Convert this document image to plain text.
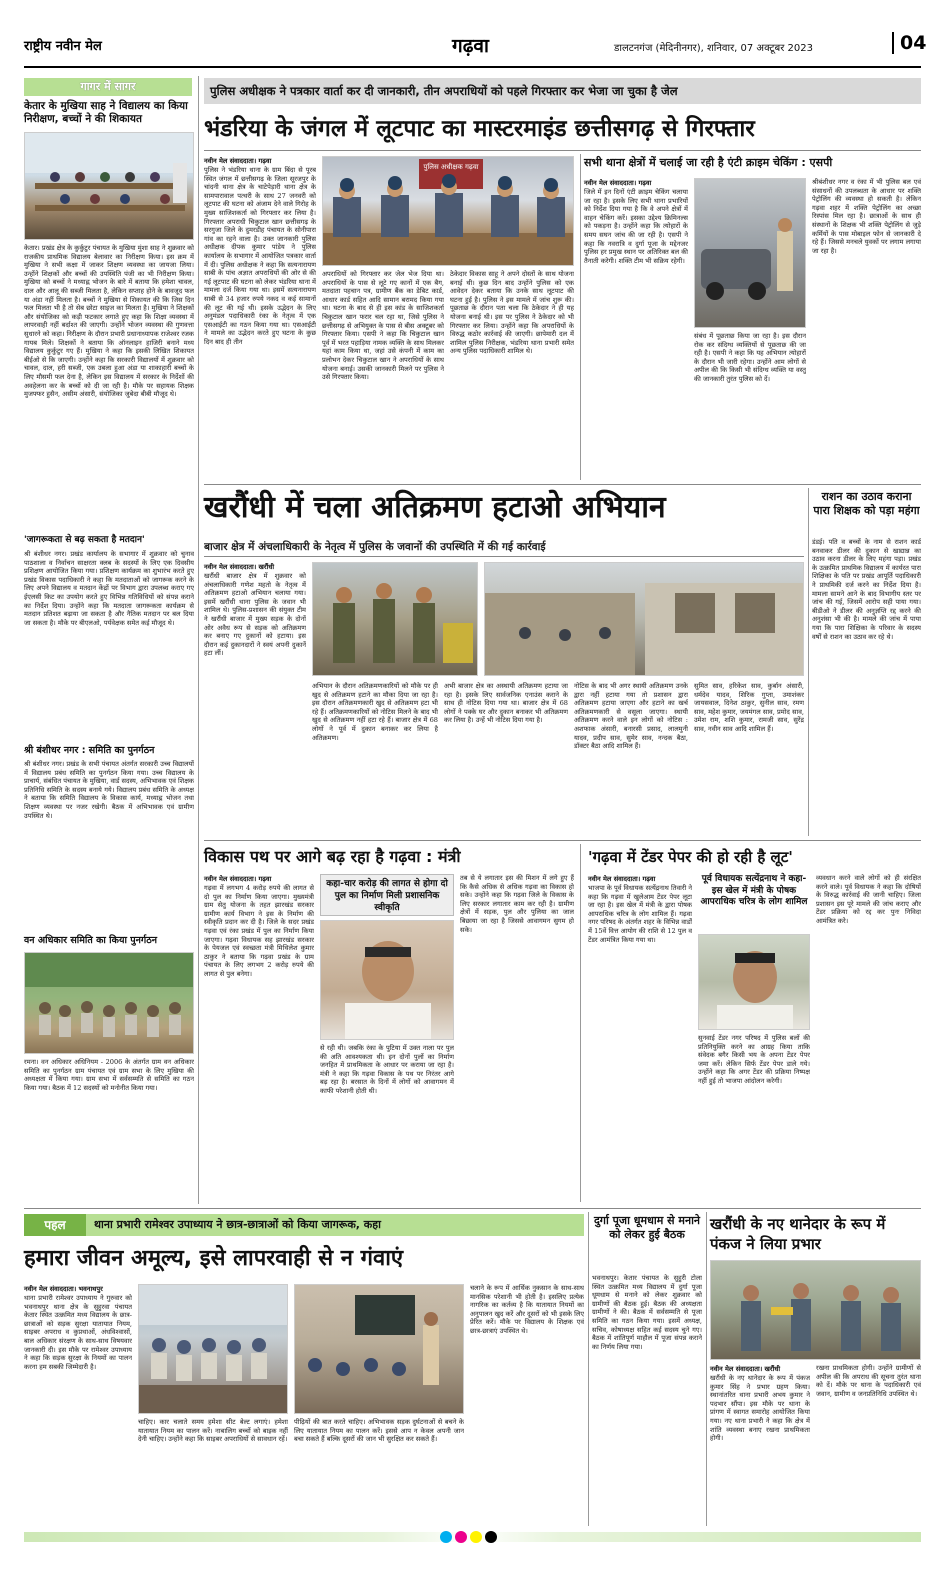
राष्ट्रीय नवीन मेल	गढ़वा	डालटनगंज (मेदिनीनगर), शनिवार, 07 अक्टूबर 2023	04
गागर में सागर
केतार के मुखिया साह ने विद्यालय का किया निरीक्षण, बच्चों ने की शिकायत
केतार। प्रखंड क्षेत्र के कुर्कुटुर पंचायत के मुखिया मुंशा साह ने शुक्रवार को राजकीय प्राथमिक विद्यालय बेलावार का निरीक्षण किया। इस क्रम में मुखिया ने सभी कक्षा में जाकर शिक्षण व्यवस्था का जायजा लिया। उन्होंने शिक्षकों और बच्चों की उपस्थिति पंजी का भी निरीक्षण किया। मुखिया को बच्चों ने मध्याह्न भोजन के बारे में बताया कि हमेशा चावल, दाल और आलू की सब्जी मिलता है, लेकिन सप्ताह होने के बावजूद फल या अंडा नहीं मिलता है। बच्चों ने मुखिया से शिकायत की कि जिस दिन फल मिलता भी है तो सेब छोटा साइज का मिलता है। मुखिया ने शिक्षकों और संयोजिका को कड़ी फटकार लगाते हुए कहा कि शिक्षा व्यवस्था में लापरवाही नहीं बर्दाश्त की जाएगी। उन्होंने भोजन व्यवस्था की गुणवत्ता सुधारने को कहा। निरीक्षण के दौरान प्रभारी प्रधानाध्यापक राजेश्वर रजक गायब मिले। शिक्षकों ने बताया कि ऑनलाइन हाजिरी बनाने मध्य विद्यालय कुर्कुटुर गए हैं। मुखिया ने कहा कि इसकी लिखित शिकायत बीईओ से कि जाएगी। उन्होंने कहा कि सरकारी विद्यालयों में शुक्रवार को चावल, दाल, हरी सब्जी, एक उबला हुआ अंडा या शाकाहारी बच्चों के लिए मौसमी फल देना है, लेकिन इस विद्यालय में सरकार के निर्देशों की अवहेलना कर के बच्चों को दी जा रही है। मौके पर सहायक शिक्षक मुजफ्फर हुसैन, असीम अंसारी, संयोजिका जुबेदा बीबी मौजूद थे।
'जागरूकता से बढ़ सकता है मतदान'
श्री बंशीधर नगर। प्रखंड कार्यालय के सभागार में शुक्रवार को चुनाव पाठशाला व निर्वाचन साक्षरता क्लब के सदस्यों के लिए एक दिवसीय प्रशिक्षण आयोजित किया गया। प्रशिक्षण कार्यक्रम का शुभारंभ करते हुए प्रखंड विकास पदाधिकारी ने कहा कि मतदाताओं को जागरूक करने के लिए अपने विद्यालय व मतदान केंद्रों पर विभाग द्वारा उपलब्ध कराए गए ईएलसी किट का उपयोग करते हुए विभिन्न गतिविधियों को संपन्न कराने का निर्देश दिया। उन्होंने कहा कि मतदाता जागरूकता कार्यक्रम से मतदान प्रतिशत बढ़ाया जा सकता है और नैतिक मतदान पर बल दिया जा सकता है। मौके पर बीएलओ, पर्यवेक्षक समेत कई मौजूद थे।
श्री बंशीधर नगर : समिति का पुनर्गठन
श्री बंशीधर नगर। प्रखंड के सभी पंचायत अंतर्गत सरकारी उच्च विद्यालयों में विद्यालय प्रबंध समिति का पुनर्गठन किया गया। उच्च विद्यालय के प्राचार्य, संबंधित पंचायत के मुखिया, वार्ड सदस्य, अभिभावक एवं शिक्षक प्रतिनिधि समिति के सदस्य बनाये गये। विद्यालय प्रबंध समिति के अध्यक्ष ने बताया कि समिति विद्यालय के विकास कार्य, मध्याह्न भोजन तथा शिक्षण व्यवस्था पर नजर रखेगी। बैठक में अभिभावक एवं ग्रामीण उपस्थित थे।
वन अधिकार समिति का किया पुनर्गठन
रमना। वन अधिकार अधिनियम - 2006 के अंतर्गत ग्राम वन अधिकार समिति का पुनर्गठन ग्राम पंचायत एवं ग्राम सभा के लिए मुखिया की अध्यक्षता में किया गया। ग्राम सभा में सर्वसम्मति से समिति का गठन किया गया। बैठक में 12 सदस्यों को मनोनीत किया गया।
पुलिस अधीक्षक ने पत्रकार वार्ता कर दी जानकारी, तीन अपराधियों को पहले गिरफ्तार कर भेजा जा चुका है जेल
भंडरिया के जंगल में लूटपाट का मास्टरमाइंड छत्तीसगढ़ से गिरफ्तार
नवीन मेल संवाददाता। गढ़वा
पुलिस ने भंडरिया थाना के ग्राम बिंदा से पूरब स्थित जंगल में छत्तीसगढ़ के जिला सूरजपुर के चांदनी थाना क्षेत्र के चाटेपेड़ारी थाना क्षेत्र के सामपारावाल पत्थरी के साथ 27 जनवरी को लूटपाट की घटना को अंजाम देने वाले गिरोह के मुख्य साजिशकर्ता को गिरफ्तार कर लिया है। गिरफ्तार अपराधी चिकुटाल खान छत्तीसगढ़ के सरगुजा जिले के दुमरडीह पंचायत के सोनीपारा गांव का रहने वाला है। उक्त जानकारी पुलिस अधीक्षक दीपक कुमार पांडेय ने पुलिस कार्यालय के सभागार में आयोजित पत्रकार वार्ता में दी। पुलिस अधीक्षक ने कहा कि सत्यनारायण साबी के पांच अज्ञात अपराधियों की ओर से की गई लूटपाट की घटना को लेकर भंडरिया थाना में मामला दर्ज किया गया था। इसमें सत्यनारायण साबी से 34 हजार रुपये नकद व कई सामानों की लूट की गई थी। इसके उद्भेदन के लिए अनुमंडल पदाधिकारी रंका के नेतृत्व में एक एसआईटी का गठन किया गया था। एसआईटी ने मामले का उद्भेदन करते हुए घटना के कुछ दिन बाद ही तीन
पुलिस अधीक्षक गढ़वा
अपराधियों को गिरफ्तार कर जेल भेज दिया था। अपराधियों के पास से लूटे गए कानों में एक बैग, मतदाता पहचान पत्र, ग्रामीण बैंक का डेबिट कार्ड, आधार कार्ड सहित आदि सामान बरामद किया गया था। घटना के बाद से ही इस कांड के साजिशकर्ता चिकुटाल खान फरार चल रहा था, जिसे पुलिस ने छत्तीसगढ़ से अभियुक्त के पास से बीस अक्टूबर को गिरफ्तार किया। एसपी ने कहा कि चिकुटाल खान पूर्व में भरत पहाड़िया नामक व्यक्ति के साथ मिलकर यहां काम किया था, जहां उसे कंपनी में काम का प्रलोभन देकर चिकुटाल खान ने अपराधियों के साथ योजना बनाई। उसकी जानकारी मिलने पर पुलिस ने उसे गिरफ्तार किया।
ठेकेदार विकास साहू ने अपने दोस्तों के साथ योजना बनाई थी। कुछ दिन बाद उन्होंने पुलिस को एक आवेदन देकर बताया कि उनके साथ लूटपाट की घटना हुई है। पुलिस ने इस मामले में जांच शुरू की। पूछताछ के दौरान पता चला कि ठेकेदार ने ही यह योजना बनाई थी। इस पर पुलिस ने ठेकेदार को भी गिरफ्तार कर लिया। उन्होंने कहा कि अपराधियों के विरुद्ध कठोर कार्रवाई की जाएगी। छापेमारी दल में शामिल पुलिस निरीक्षक, भंडरिया थाना प्रभारी समेत अन्य पुलिस पदाधिकारी शामिल थे।
सभी थाना क्षेत्रों में चलाई जा रही है एंटी क्राइम चेकिंग : एसपी
नवीन मेल संवाददाता। गढ़वा
जिले में इन दिनों एंटी क्राइम चेकिंग चलाया जा रहा है। इसके लिए सभी थाना प्रभारियों को निर्देश दिया गया है कि वे अपने क्षेत्रों में वाहन चेकिंग करें। इसका उद्देश्य क्रिमिनल्स को पकड़ना है। उन्होंने कहा कि त्योहारों के समय सघन जांच की जा रही है। एसपी ने कहा कि नवरात्रि व दुर्गा पूजा के मद्देनजर पुलिस हर प्रमुख स्थान पर अतिरिक्त बल की तैनाती करेगी। शक्ति टीम भी सक्रिय रहेगी।
संबंध में पूछताछ किया जा रहा है। इस दौरान रोक कर संदिग्ध व्यक्तियों से पूछताछ की जा रही है। एसपी ने कहा कि यह अभियान त्योहारों के दौरान भी जारी रहेगा। उन्होंने आम लोगों से अपील की कि किसी भी संदिग्ध व्यक्ति या वस्तु की जानकारी तुरंत पुलिस को दें।
श्रीबंशीधर नगर व रंका में भी पुलिस बल एवं संसाधनों की उपलब्धता के आधार पर शक्ति पेट्रोलिंग की व्यवस्था हो सकती है। लेकिन गढ़वा शहर में शक्ति पेट्रोलिंग का अच्छा रिस्पांस मिल रहा है। छात्राओं के साथ ही संस्थानों के शिक्षक भी शक्ति पेट्रोलिंग से जुड़े कर्मियों के पास मोबाइल फोन से जानकारी दे रहे हैं। जिससे मनचले युवकों पर लगाम लगाया जा रहा है।
खरौंधी में चला अतिक्रमण हटाओ अभियान
बाजार क्षेत्र में अंचलाधिकारी के नेतृत्व में पुलिस के जवानों की उपस्थिति में की गई कार्रवाई
नवीन मेल संवाददाता। खरौंधी
खरौंधी बाजार क्षेत्र में शुक्रवार को अंचलाधिकारी गणेश महतो के नेतृत्व में अतिक्रमण हटाओ अभियान चलाया गया। इसमें खरौंधी थाना पुलिस के जवान भी शामिल थे। पुलिस-प्रशासन की संयुक्त टीम ने खरौंधी बाजार में मुख्य सड़क के दोनों ओर अवैध रूप से सड़क को अतिक्रमण कर बनाए गए दुकानों को हटाया। इस दौरान कई दुकानदारों ने स्वयं अपनी दुकानें हटा लीं।
अभियान के दौरान अतिक्रमणकारियों को मौके पर ही खुद से अतिक्रमण हटाने का मौका दिया जा रहा है। इस दौरान अतिक्रमणकारी खुद से अतिक्रमण हटा भी रहे हैं। अतिक्रमणकारियों को नोटिस मिलने के बाद भी खुद से अतिक्रमण नहीं हटा रहे हैं। बाजार क्षेत्र में 68 लोगों ने पूर्व में दुकान बनाकर कर लिया है अतिक्रमण।
अभी बाजार क्षेत्र का अस्थायी अतिक्रमण हटाया जा रहा है। इसके लिए सार्वजनिक एनाउंस कराने के साथ ही नोटिस दिया गया था। बाजार क्षेत्र में 68 लोगों ने पक्के घर और दुकान बनाकर भी अतिक्रमण कर लिया है। उन्हें भी नोटिस दिया गया है।
नोटिस के बाद भी अगर स्थायी अतिक्रमण उनके द्वारा नहीं हटाया गया तो प्रशासन द्वारा अतिक्रमण हटाया जाएगा और हटाने का खर्च अतिक्रमणकारी से वसूला जाएगा। स्थायी अतिक्रमण करने वाले इन लोगों को नोटिस : अशफाक अंसारी, बनारसी प्रसाद, लालमुनी यादव, प्रदीप साव, सुमेर साव, नन्दक बैठा, डॉक्टर बैठा आदि शामिल हैं।
सुमित साव, हरिकेश साव, कुर्बान अंसारी, धर्मदेव यादव, शिरिक गुप्ता, उमाशंकर जायसवाल, दिनेश ठाकुर, सुनील साव, रमण साव, महेश कुमार, जयमंगल साव, प्रमोद साव, उमेश राम, शशि कुमार, रामजी साव, सुरेंद्र साव, नवीन साव आदि शामिल हैं।
राशन का उठाव कराना पारा शिक्षक को पड़ा महंगा
डंडई। पति व बच्चों के नाम से राशन कार्ड बनवाकर डीलर की दुकान से खाद्यान्न का उठाव करना डीलर के लिए महंगा पड़ा। प्रखंड के उत्क्रमित प्राथमिक विद्यालय में कार्यरत पारा शिक्षिका के पति पर प्रखंड आपूर्ति पदाधिकारी ने प्राथमिकी दर्ज करने का निर्देश दिया है। मामला सामने आने के बाद विभागीय स्तर पर जांच की गई, जिसमें आरोप सही पाया गया। बीडीओ ने डीलर की अनुज्ञप्ति रद्द करने की अनुशंसा भी की है। मामले की जांच में पाया गया कि पारा शिक्षिका के परिवार के सदस्य वर्षों से राशन का उठाव कर रहे थे।
विकास पथ पर आगे बढ़ रहा है गढ़वा : मंत्री
नवीन मेल संवाददाता। गढ़वा
गढ़वा में लगभग 4 करोड़ रुपये की लागत से दो पुल का निर्माण किया जाएगा। मुख्यमंत्री ग्राम सेतु योजना के तहत झारखंड सरकार ग्रामीण कार्य विभाग ने इस के निर्माण की स्वीकृति प्रदान कर दी है। जिले के सदर प्रखंड गढ़वा एवं रंका प्रखंड में पुल का निर्माण किया जाएगा। गढ़वा विधायक सह झारखंड सरकार के पेयजल एवं स्वच्छता मंत्री मिथिलेश कुमार ठाकुर ने बताया कि गढ़वा प्रखंड के ग्राम पंचायत के लिए लगभग 2 करोड़ रुपये की लागत से पुल बनेगा।
कहा-चार करोड़ की लागत से होगा दो पुल का निर्माण मिली प्रशासनिक स्वीकृति
से रही थी। जबकि रंका के पुटिया में उक्त नाला पर पुल की अति आवश्यकता थी। इन दोनों पुलों का निर्माण जनहित में प्राथमिकता के आधार पर कराया जा रहा है। मंत्री ने कहा कि गढ़वा विकास के पथ पर निरंतर आगे बढ़ रहा है। बरसात के दिनों में लोगों को आवागमन में काफी परेशानी होती थी।
तब से ये लगातार इस की मिशन में लगे हुए हैं कि कैसे अधिक से अधिक गढ़वा का विकास हो सके। उन्होंने कहा कि गढ़वा जिले के विकास के लिए सरकार लगातार काम कर रही है। ग्रामीण क्षेत्रों में सड़क, पुल और पुलिया का जाल बिछाया जा रहा है जिससे आवागमन सुगम हो सके।
'गढ़वा में टेंडर पेपर की हो रही है लूट'
नवीन मेल संवाददाता। गढ़वा
भाजपा के पूर्व विधायक सत्येंद्रनाथ तिवारी ने कहा कि गढ़वा में खुलेआम टेंडर पेपर लूटा जा रहा है। इस खेल में मंत्री के द्वारा पोषक आपराधिक चरित्र के लोग शामिल हैं। गढ़वा नगर परिषद के अंतर्गत शहर के विभिन्न वार्डों में 15वें वित्त आयोग की राशि से 12 पुल व टेंडर आमंत्रित किया गया था।
पूर्व विधायक सत्येंद्रनाथ ने कहा-इस खेल में मंत्री के पोषक आपराधिक चरित्र के लोग शामिल
सुनवाई टेंडर नगर परिषद में पुलिस बलों की प्रतिनियुक्ति करने का आग्रह किया ताकि संवेदक बगैर किसी भय के अपना टेंडर पेपर जमा करें। लेकिन सिर्फ टेंडर पेपर डाले गये। उन्होंने कहा कि अगर टेंडर की प्रक्रिया निष्पक्ष नहीं हुई तो भाजपा आंदोलन करेगी।
व्यवधान करने वाले लोगों को ही संरक्षित करने वाले। पूर्व विधायक ने कहा कि दोषियों के विरुद्ध कार्रवाई की जानी चाहिए। जिला प्रशासन इस पूरे मामले की जांच कराए और टेंडर प्रक्रिया को रद्द कर पुनः निविदा आमंत्रित करे।
पहल	थाना प्रभारी रामेश्वर उपाध्याय ने छात्र-छात्राओं को किया जागरूक, कहा
हमारा जीवन अमूल्य, इसे लापरवाही से न गंवाएं
नवीन मेल संवाददाता। भवनाथपुर
थाना प्रभारी रामेश्वर उपाध्याय ने गुरुवार को भवनाथपुर थाना क्षेत्र के सुहुरवा पंचायत केतार स्थित उत्क्रमित मध्य विद्यालय के छात्र-छात्राओं को सड़क सुरक्षा यातायात नियम, साइबर अपराध व कुप्रथाओं, अंधविश्वासों, बाल अधिकार संरक्षण के साथ-साथ विषयवार जानकारी दी। इस मौके पर रामेश्वर उपाध्याय ने कहा कि सड़क सुरक्षा के नियमों का पालन करना हम सबकी जिम्मेदारी है।
चाहिए। कार चलाते समय हमेशा सीट बेल्ट लगाएं। हमेशा यातायात नियम का पालन करें। नाबालिग बच्चों को बाइक नहीं देनी चाहिए। उन्होंने कहा कि साइबर अपराधियों से सावधान रहें।
पीढ़ियों की बात करते चाहिए। अभिभावक सड़क दुर्घटनाओं से बचने के लिए यातायात नियम का पालन करें। इससे आप न केवल अपनी जान बचा सकते हैं बल्कि दूसरों की जान भी सुरक्षित कर सकते हैं।
चलाने के रूप में आर्थिक नुकसान के साथ-साथ मानसिक परेशानी भी होती है। इसलिए प्रत्येक नागरिक का कर्तव्य है कि यातायात नियमों का अनुपालन खुद करें और दूसरों को भी इसके लिए प्रेरित करें। मौके पर विद्यालय के शिक्षक एवं छात्र-छात्राएं उपस्थित थे।
दुर्गा पूजा धूमधाम से मनाने को लेकर हुई बैठक
भवनाथपुर। केतार पंचायत के सुहुरी टोला स्थित उत्क्रमित मध्य विद्यालय में दुर्गा पूजा धूमधाम से मनाने को लेकर शुक्रवार को ग्रामीणों की बैठक हुई। बैठक की अध्यक्षता ग्रामीणों ने की। बैठक में सर्वसम्मति से पूजा समिति का गठन किया गया। इसमें अध्यक्ष, सचिव, कोषाध्यक्ष सहित कई सदस्य चुने गए। बैठक में शांतिपूर्ण माहौल में पूजा संपन्न कराने का निर्णय लिया गया।
खरौंधी के नए थानेदार के रूप में पंकज ने लिया प्रभार
नवीन मेल संवाददाता। खरौंधी
खरौंधी के नए थानेदार के रूप में पंकज कुमार सिंह ने प्रभार ग्रहण किया। स्थानांतरित थाना प्रभारी अभय कुमार ने पदभार सौंपा। इस मौके पर थाना के प्रांगण में स्वागत समारोह आयोजित किया गया। नए थाना प्रभारी ने कहा कि क्षेत्र में शांति व्यवस्था बनाए रखना प्राथमिकता होगी।
रखना प्राथमिकता होगी। उन्होंने ग्रामीणों से अपील की कि अपराध की सूचना तुरंत थाना को दें। मौके पर थाना के पदाधिकारी एवं जवान, ग्रामीण व जनप्रतिनिधि उपस्थित थे।
